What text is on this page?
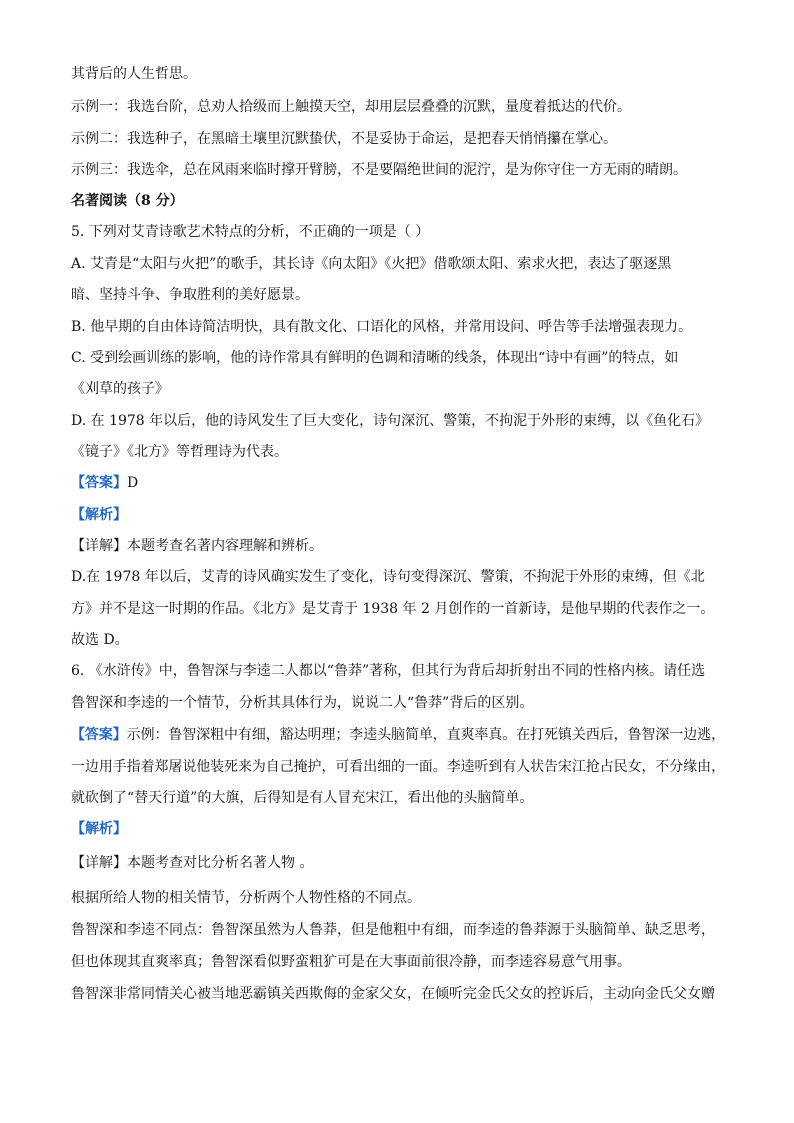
其背后的人生哲思。
示例一：我选台阶，总劝人拾级而上触摸天空，却用层层叠叠的沉默，量度着抵达的代价。
示例二：我选种子，在黑暗土壤里沉默蛰伏，不是妥协于命运，是把春天悄悄攥在掌心。
示例三：我选伞，总在风雨来临时撑开臂膀，不是要隔绝世间的泥泞，是为你守住一方无雨的晴朗。
名著阅读（8 分）
5. 下列对艾青诗歌艺术特点的分析，不正确的一项是（ ）
A. 艾青是“太阳与火把”的歌手，其长诗《向太阳》《火把》借歌颂太阳、索求火把，表达了驱逐黑
暗、坚持斗争、争取胜利的美好愿景。
B. 他早期的自由体诗简洁明快，具有散文化、口语化的风格，并常用设问、呼告等手法增强表现力。
C. 受到绘画训练的影响，他的诗作常具有鲜明的色调和清晰的线条，体现出“诗中有画”的特点，如
《刈草的孩子》
D. 在 1978 年以后，他的诗风发生了巨大变化，诗句深沉、警策，不拘泥于外形的束缚，以《鱼化石》
《镜子》《北方》等哲理诗为代表。
【答案】D
【解析】
【详解】本题考查名著内容理解和辨析。
D.在 1978 年以后，艾青的诗风确实发生了变化，诗句变得深沉、警策，不拘泥于外形的束缚，但《北
方》并不是这一时期的作品。《北方》是艾青于 1938 年 2 月创作的一首新诗，是他早期的代表作之一。
故选 D。
6. 《水浒传》中，鲁智深与李逵二人都以“鲁莽”著称，但其行为背后却折射出不同的性格内核。请任选
鲁智深和李逵的一个情节，分析其具体行为，说说二人“鲁莽”背后的区别。
【答案】示例：鲁智深粗中有细，豁达明理；李逵头脑简单，直爽率真。在打死镇关西后，鲁智深一边逃，
一边用手指着郑屠说他装死来为自己掩护，可看出细的一面。李逵听到有人状告宋江抢占民女，不分缘由，
就砍倒了“替天行道”的大旗，后得知是有人冒充宋江，看出他的头脑简单。
【解析】
【详解】本题考查对比分析名著人物 。
根据所给人物的相关情节，分析两个人物性格的不同点。
鲁智深和李逵不同点：鲁智深虽然为人鲁莽，但是他粗中有细，而李逵的鲁莽源于头脑简单、缺乏思考，
但也体现其直爽率真；鲁智深看似野蛮粗犷可是在大事面前很冷静，而李逵容易意气用事。
鲁智深非常同情关心被当地恶霸镇关西欺侮的金家父女，在倾听完金氏父女的控诉后，主动向金氏父女赠
